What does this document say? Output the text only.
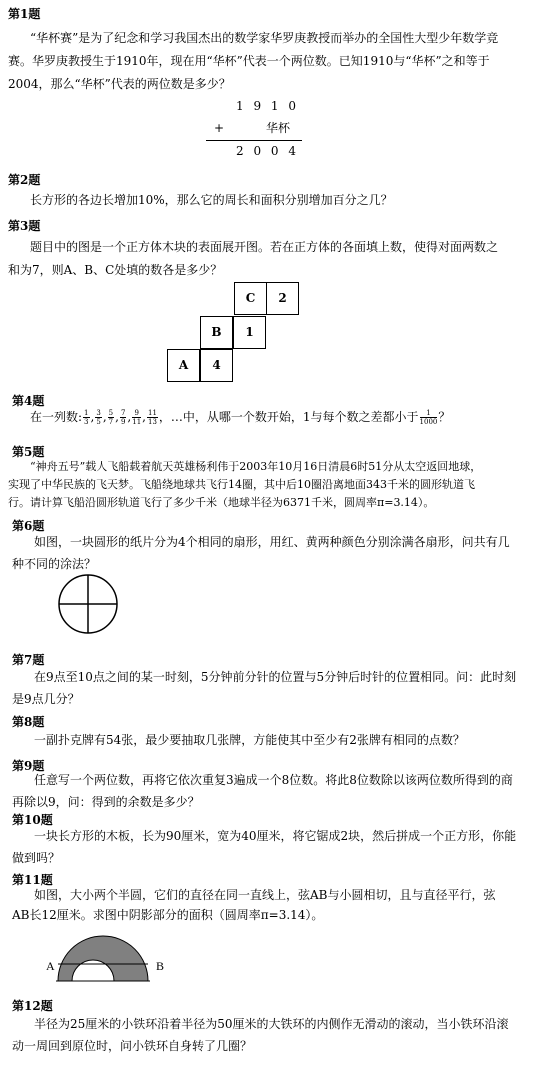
第1题
“华杯赛”是为了纪念和学习我国杰出的数学家华罗庚教授而举办的全国性大型少年数学竞
赛。华罗庚教授生于1910年，现在用“华杯”代表一个两位数。已知1910与“华杯”之和等于
2004，那么“华杯”代表的两位数是多少？
1 9 1 0
+	华杯
2 0 0 4
第2题
长方形的各边长增加10%，那么它的周长和面积分别增加百分之几？
第3题
题目中的图是一个正方体木块的表面展开图。若在正方体的各面填上数，使得对面两数之
和为7，则A、B、C处填的数各是多少？
C	2
B	1
A	4
第4题
在一列数: $\frac{1}{3}$ , $\frac{3}{5}$ , $\frac{5}{7}$ , $\frac{7}{9}$ , $\frac{9}{11}$ , $\frac{11}{13}$ ，…中，从哪一个数开始，1与每个数之差都小于 $\frac{1}{1000}$ ？
第5题
“神舟五号”载人飞船载着航天英雄杨利伟于2003年10月16日清晨6时51分从太空返回地球，
实现了中华民族的飞天梦。飞船绕地球共飞行14圈，其中后10圈沿离地面343千米的圆形轨道飞
行。请计算飞船沿圆形轨道飞行了多少千米（地球半径为6371千米，圆周率π=3.14）。
第6题
如图，一块圆形的纸片分为4个相同的扇形，用红、黄两种颜色分别涂满各扇形，问共有几
种不同的涂法？
第7题
在9点至10点之间的某一时刻，5分钟前分针的位置与5分钟后时针的位置相同。问：此时刻
是9点几分？
第8题
一副扑克牌有54张，最少要抽取几张牌，方能使其中至少有2张牌有相同的点数？
第9题
任意写一个两位数，再将它依次重复3遍成一个8位数。将此8位数除以该两位数所得到的商
再除以9，问：得到的余数是多少？
第10题
一块长方形的木板，长为90厘米，宽为40厘米，将它锯成2块，然后拼成一个正方形，你能
做到吗？
第11题
如图，大小两个半圆，它们的直径在同一直线上，弦AB与小圆相切，且与直径平行，弦
AB长12厘米。求图中阴影部分的面积（圆周率π=3.14）。
A	B
第12题
半径为25厘米的小铁环沿着半径为50厘米的大铁环的内侧作无滑动的滚动，当小铁环沿滚
动一周回到原位时，问小铁环自身转了几圈？
